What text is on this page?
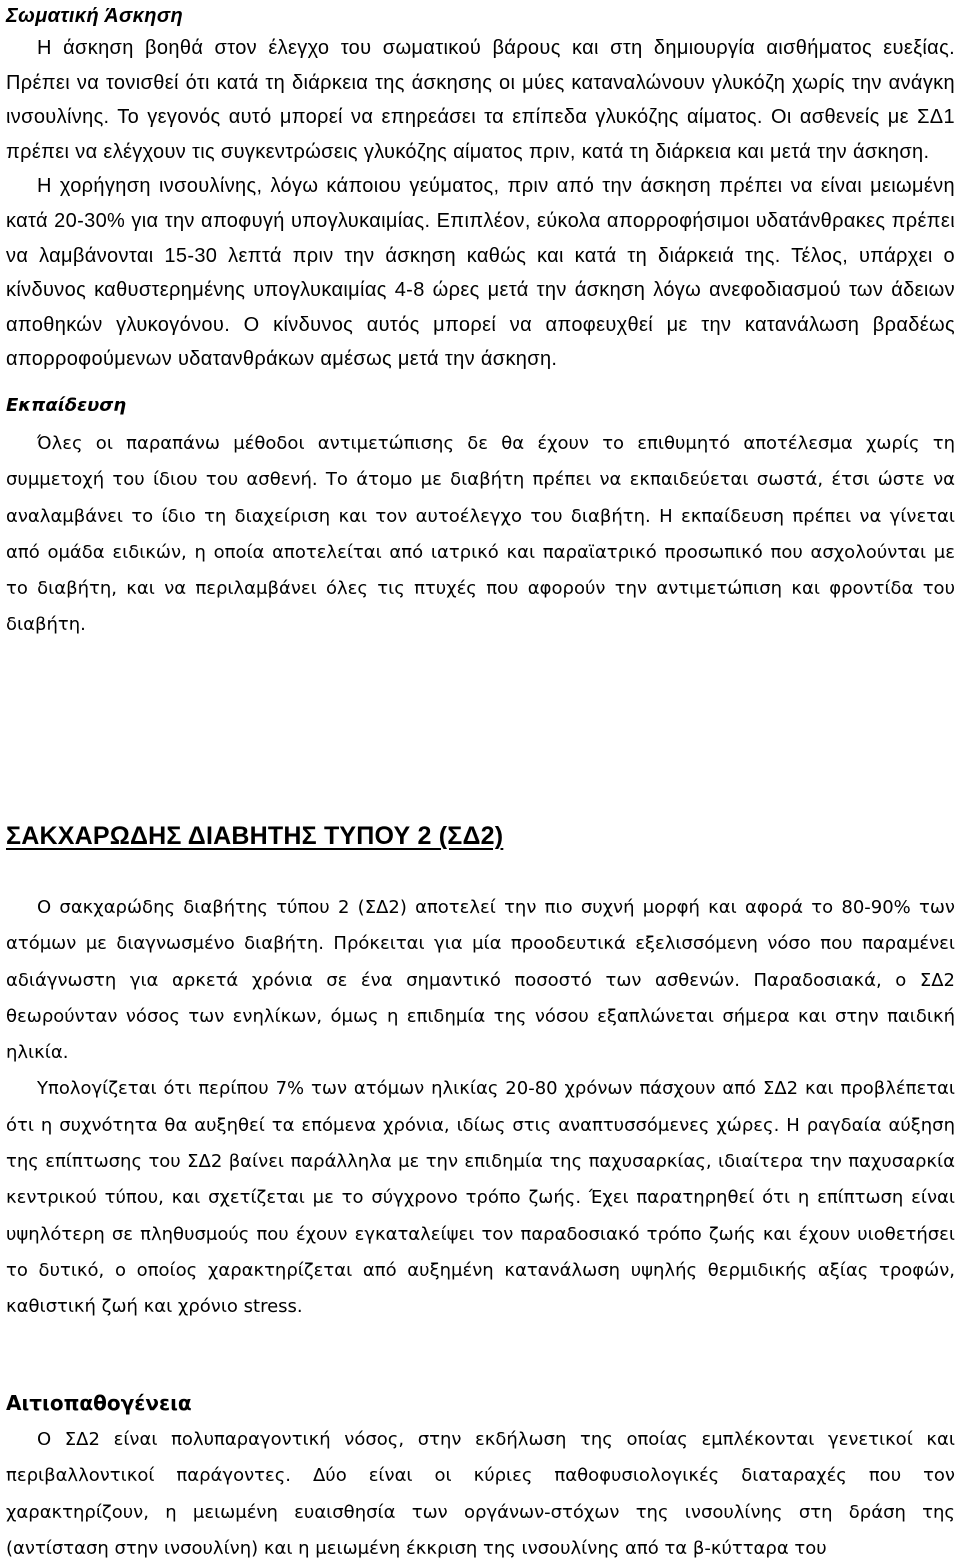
Σωματική Άσκηση

Η άσκηση βοηθά στον έλεγχο του σωματικού βάρους και στη δημιουργία αισθήματος ευεξίας. Πρέπει να τονισθεί ότι κατά τη διάρκεια της άσκησης οι μύες καταναλώνουν γλυκόζη χωρίς την ανάγκη ινσουλίνης. Το γεγονός αυτό μπορεί να επηρεάσει τα επίπεδα γλυκόζης αίματος. Οι ασθενείς με ΣΔ1 πρέπει να ελέγχουν τις συγκεντρώσεις γλυκόζης αίματος πριν, κατά τη διάρκεια και μετά την άσκηση.

Η χορήγηση ινσουλίνης, λόγω κάποιου γεύματος, πριν από την άσκηση πρέπει να είναι μειωμένη κατά 20-30% για την αποφυγή υπογλυκαιμίας. Επιπλέον, εύκολα απορροφήσιμοι υδατάνθρακες πρέπει να λαμβάνονται 15-30 λεπτά πριν την άσκηση καθώς και κατά τη διάρκειά της. Τέλος, υπάρχει ο κίνδυνος καθυστερημένης υπογλυκαιμίας 4-8 ώρες μετά την άσκηση λόγω ανεφοδιασμού των άδειων αποθηκών γλυκογόνου. Ο κίνδυνος αυτός μπορεί να αποφευχθεί με την κατανάλωση βραδέως απορροφούμενων υδατανθράκων αμέσως μετά την άσκηση.

Εκπαίδευση

Όλες οι παραπάνω μέθοδοι αντιμετώπισης δε θα έχουν το επιθυμητό αποτέλεσμα χωρίς τη συμμετοχή του ίδιου του ασθενή. Το άτομο με διαβήτη πρέπει να εκπαιδεύεται σωστά, έτσι ώστε να αναλαμβάνει το ίδιο τη διαχείριση και τον αυτοέλεγχο του διαβήτη. Η εκπαίδευση πρέπει να γίνεται από ομάδα ειδικών, η οποία αποτελείται από ιατρικό και παραϊατρικό προσωπικό που ασχολούνται με το διαβήτη, και να περιλαμβάνει όλες τις πτυχές που αφορούν την αντιμετώπιση και φροντίδα του διαβήτη.

ΣΑΚΧΑΡΩΔΗΣ ΔΙΑΒΗΤΗΣ ΤΥΠΟΥ 2 (ΣΔ2)

Ο σακχαρώδης διαβήτης τύπου 2 (ΣΔ2) αποτελεί την πιο συχνή μορφή και αφορά το 80-90% των ατόμων με διαγνωσμένο διαβήτη. Πρόκειται για μία προοδευτικά εξελισσόμενη νόσο που παραμένει αδιάγνωστη για αρκετά χρόνια σε ένα σημαντικό ποσοστό των ασθενών. Παραδοσιακά, ο ΣΔ2 θεωρούνταν νόσος των ενηλίκων, όμως η επιδημία της νόσου εξαπλώνεται σήμερα και στην παιδική ηλικία.

Υπολογίζεται ότι περίπου 7% των ατόμων ηλικίας 20-80 χρόνων πάσχουν από ΣΔ2 και προβλέπεται ότι η συχνότητα θα αυξηθεί τα επόμενα χρόνια, ιδίως στις αναπτυσσόμενες χώρες. Η ραγδαία αύξηση της επίπτωσης του ΣΔ2 βαίνει παράλληλα με την επιδημία της παχυσαρκίας, ιδιαίτερα την παχυσαρκία κεντρικού τύπου, και σχετίζεται με το σύγχρονο τρόπο ζωής. Έχει παρατηρηθεί ότι η επίπτωση είναι υψηλότερη σε πληθυσμούς που έχουν εγκαταλείψει τον παραδοσιακό τρόπο ζωής και έχουν υιοθετήσει το δυτικό, ο οποίος χαρακτηρίζεται από αυξημένη κατανάλωση υψηλής θερμιδικής αξίας τροφών, καθιστική ζωή και χρόνιο stress.

Αιτιοπαθογένεια

Ο ΣΔ2 είναι πολυπαραγοντική νόσος, στην εκδήλωση της οποίας εμπλέκονται γενετικοί και περιβαλλοντικοί παράγοντες. Δύο είναι οι κύριες παθοφυσιολογικές διαταραχές που τον χαρακτηρίζουν, η μειωμένη ευαισθησία των οργάνων-στόχων της ινσουλίνης στη δράση της (αντίσταση στην ινσουλίνη) και η μειωμένη έκκριση της ινσουλίνης από τα β-κύτταρα του
